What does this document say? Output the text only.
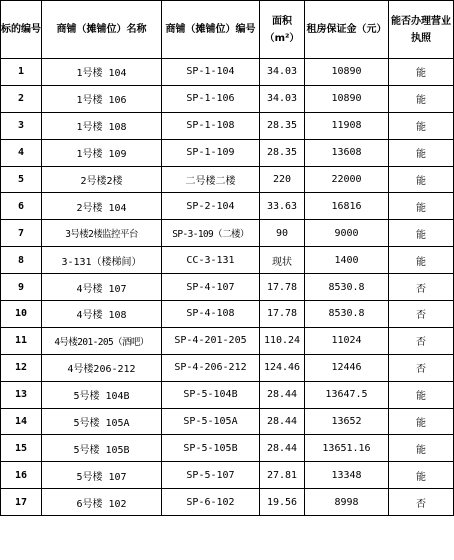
标的编号	商铺（摊铺位）名称	商铺（摊铺位）编号	面积（m²）	租房保证金（元）	能否办理营业执照
1	1号楼 104	SP-1-104	34.03	10890	能
2	1号楼 106	SP-1-106	34.03	10890	能
3	1号楼 108	SP-1-108	28.35	11908	能
4	1号楼 109	SP-1-109	28.35	13608	能
5	2号楼2楼	二号楼二楼	220	22000	能
6	2号楼 104	SP-2-104	33.63	16816	能
7	3号楼2楼监控平台	SP-3-109（二楼）	90	9000	能
8	3-131（楼梯间）	CC-3-131	现状	1400	能
9	4号楼 107	SP-4-107	17.78	8530.8	否
10	4号楼 108	SP-4-108	17.78	8530.8	否
11	4号楼201-205（酒吧）	SP-4-201-205	110.24	11024	否
12	4号楼206-212	SP-4-206-212	124.46	12446	否
13	5号楼 104B	SP-5-104B	28.44	13647.5	能
14	5号楼 105A	SP-5-105A	28.44	13652	能
15	5号楼 105B	SP-5-105B	28.44	13651.16	能
16	5号楼 107	SP-5-107	27.81	13348	能
17	6号楼 102	SP-6-102	19.56	8998	否
